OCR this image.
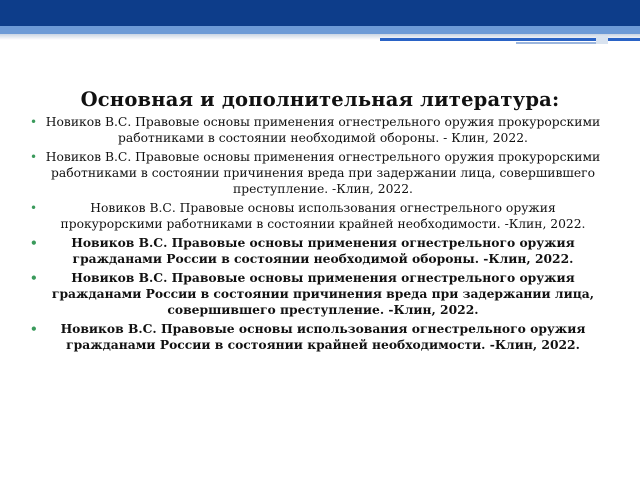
Основная и дополнительная литература:
• Новиков В.С. Правовые основы применения огнестрельного оружия прокурорскими работниками в состоянии необходимой обороны. - Клин, 2022.
• Новиков В.С. Правовые основы применения огнестрельного оружия прокурорскими работниками в состоянии причинения вреда при задержании лица, совершившего преступление. -Клин, 2022.
•	Новиков В.С. Правовые основы использования огнестрельного оружия прокурорскими работниками в состоянии крайней необходимости. -Клин, 2022.
•	Новиков В.С. Правовые основы применения огнестрельного оружия гражданами России в состоянии необходимой обороны. -Клин, 2022.
•	Новиков В.С. Правовые основы применения огнестрельного оружия гражданами России в состоянии причинения вреда при задержании лица, совершившего преступление. -Клин, 2022.
• Новиков В.С. Правовые основы использования огнестрельного оружия гражданами России в состоянии крайней необходимости. -Клин, 2022.
